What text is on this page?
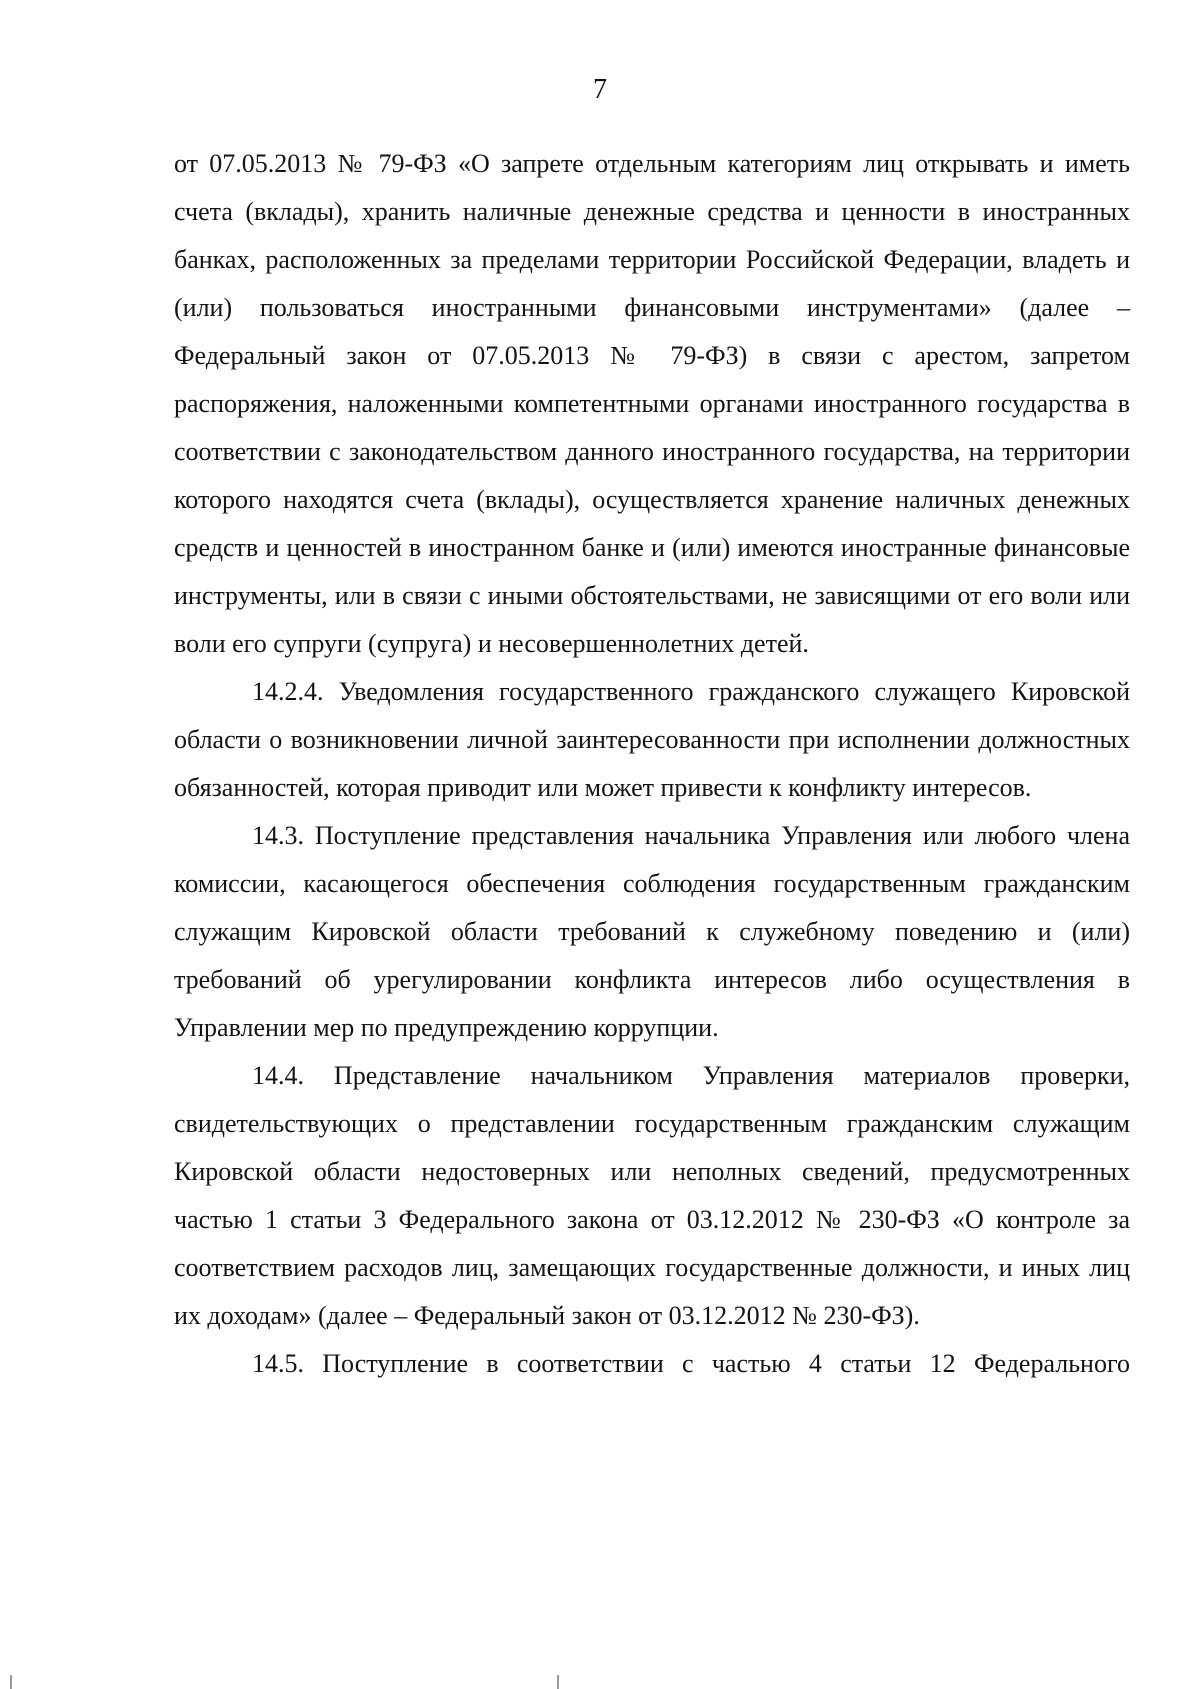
7

от 07.05.2013 № 79-ФЗ «О запрете отдельным категориям лиц открывать и иметь счета (вклады), хранить наличные денежные средства и ценности в иностранных банках, расположенных за пределами территории Российской Федерации, владеть и (или) пользоваться иностранными финансовыми инструментами» (далее – Федеральный закон от 07.05.2013 № 79-ФЗ) в связи с арестом, запретом распоряжения, наложенными компетентными органами иностранного государства в соответствии с законодательством данного иностранного государства, на территории которого находятся счета (вклады), осуществляется хранение наличных денежных средств и ценностей в иностранном банке и (или) имеются иностранные финансовые инструменты, или в связи с иными обстоятельствами, не зависящими от его воли или воли его супруги (супруга) и несовершеннолетних детей.

14.2.4. Уведомления государственного гражданского служащего Кировской области о возникновении личной заинтересованности при исполнении должностных обязанностей, которая приводит или может привести к конфликту интересов.

14.3. Поступление представления начальника Управления или любого члена комиссии, касающегося обеспечения соблюдения государственным гражданским служащим Кировской области требований к служебному поведению и (или) требований об урегулировании конфликта интересов либо осуществления в Управлении мер по предупреждению коррупции.

14.4. Представление начальником Управления материалов проверки, свидетельствующих о представлении государственным гражданским служащим Кировской области недостоверных или неполных сведений, предусмотренных частью 1 статьи 3 Федерального закона от 03.12.2012 № 230-ФЗ «О контроле за соответствием расходов лиц, замещающих государственные должности, и иных лиц их доходам» (далее – Федеральный закон от 03.12.2012 № 230-ФЗ).

14.5. Поступление в соответствии с частью 4 статьи 12 Федерального
